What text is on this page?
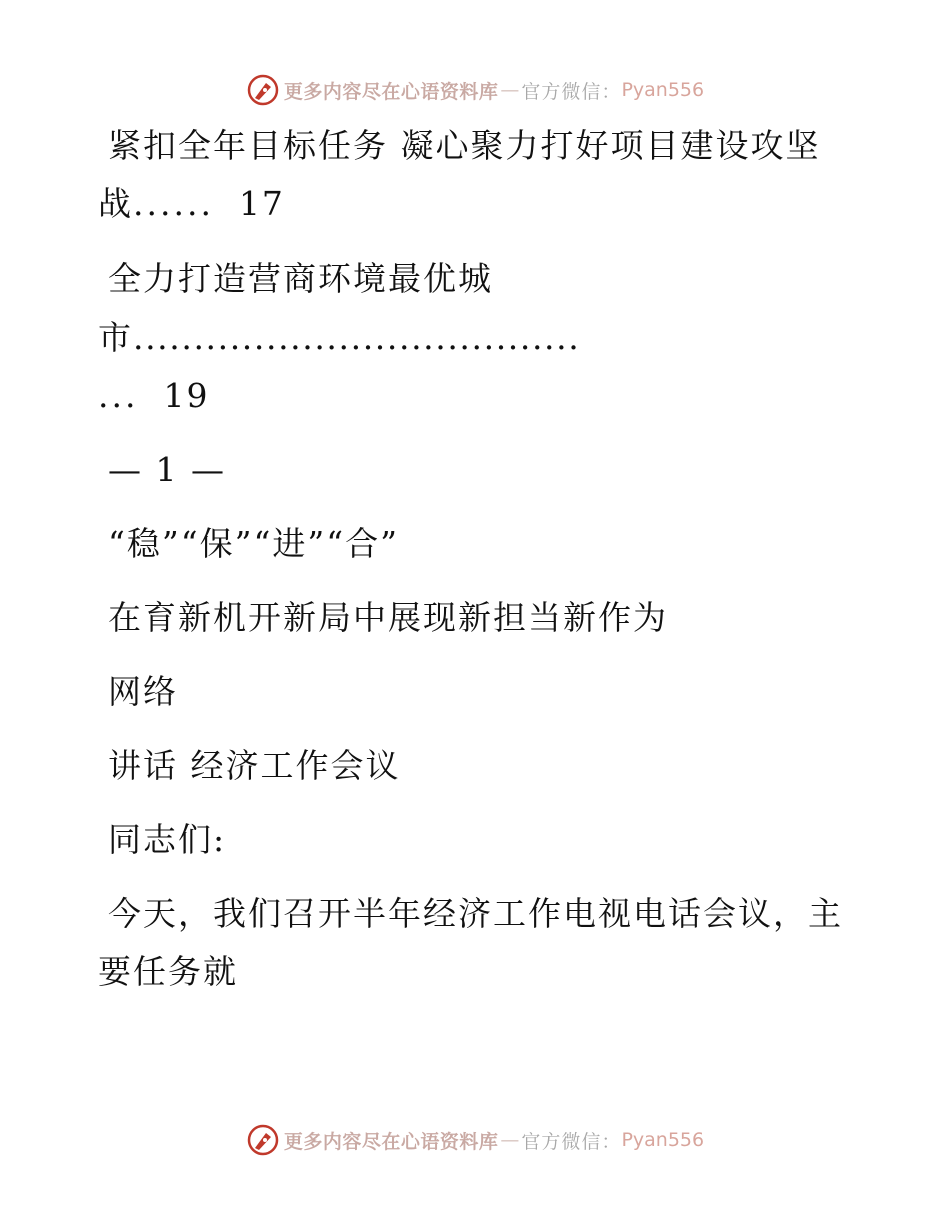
更多内容尽在心语资料库 — 官方微信： Pyan556
紧扣全年目标任务 凝心聚力打好项目建设攻坚
战...... 17
全力打造营商环境最优城
市.....................................
... 19
— 1 —
“稳”“保”“进”“合”
在育新机开新局中展现新担当新作为
网络
讲话 经济工作会议
同志们:
今天，我们召开半年经济工作电视电话会议，主
要任务就
更多内容尽在心语资料库 — 官方微信： Pyan556
